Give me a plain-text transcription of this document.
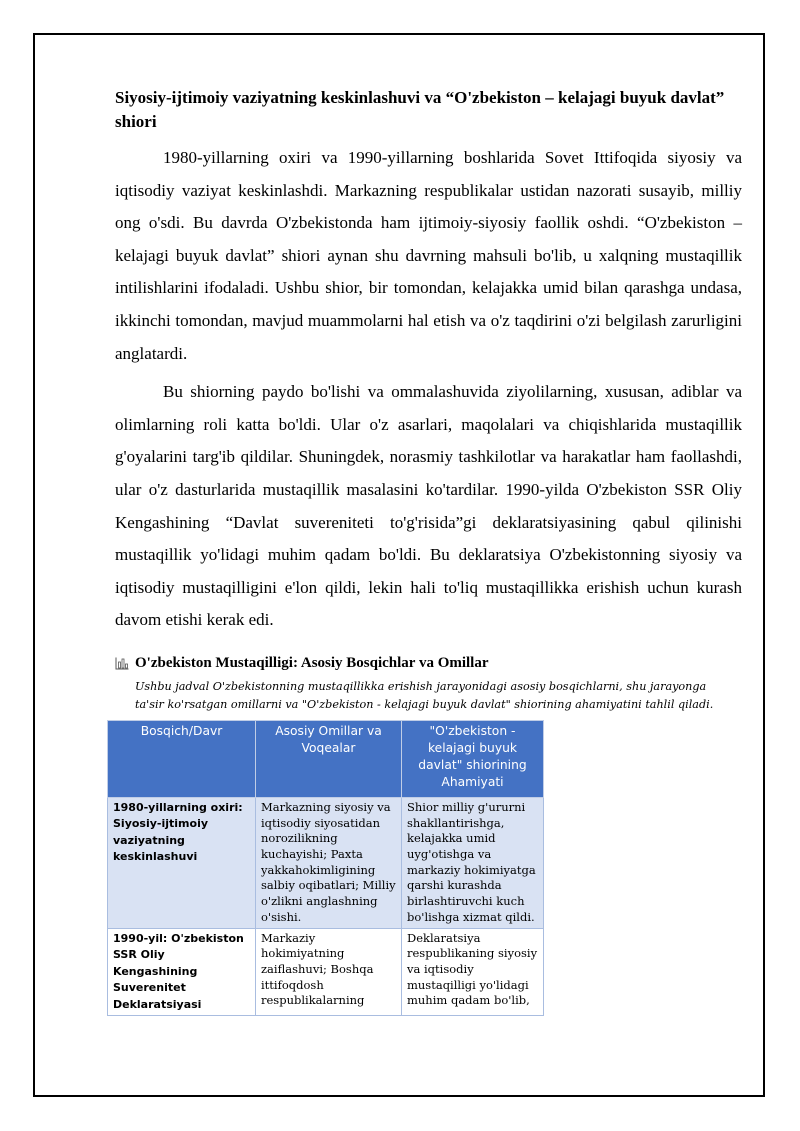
Siyosiy-ijtimoiy vaziyatning keskinlashuvi va “O'zbekiston – kelajagi buyuk davlat” shiori

1980-yillarning oxiri va 1990-yillarning boshlarida Sovet Ittifoqida siyosiy va iqtisodiy vaziyat keskinlashdi. Markazning respublikalar ustidan nazorati susayib, milliy ong o'sdi. Bu davrda O'zbekistonda ham ijtimoiy-siyosiy faollik oshdi. “O'zbekiston – kelajagi buyuk davlat” shiori aynan shu davrning mahsuli bo'lib, u xalqning mustaqillik intilishlarini ifodaladi. Ushbu shior, bir tomondan, kelajakka umid bilan qarashga undasa, ikkinchi tomondan, mavjud muammolarni hal etish va o'z taqdirini o'zi belgilash zarurligini anglatardi.

Bu shiorning paydo bo'lishi va ommalashuvida ziyolilarning, xususan, adiblar va olimlarning roli katta bo'ldi. Ular o'z asarlari, maqolalari va chiqishlarida mustaqillik g'oyalarini targ'ib qildilar. Shuningdek, norasmiy tashkilotlar va harakatlar ham faollashdi, ular o'z dasturlarida mustaqillik masalasini ko'tardilar. 1990-yilda O'zbekiston SSR Oliy Kengashining “Davlat suvereniteti to'g'risida”gi deklaratsiyasining qabul qilinishi mustaqillik yo'lidagi muhim qadam bo'ldi. Bu deklaratsiya O'zbekistonning siyosiy va iqtisodiy mustaqilligini e'lon qildi, lekin hali to'liq mustaqillikka erishish uchun kurash davom etishi kerak edi.

O'zbekiston Mustaqilligi: Asosiy Bosqichlar va Omillar
Ushbu jadval O'zbekistonning mustaqillikka erishish jarayonidagi asosiy bosqichlarni, shu jarayonga ta'sir ko'rsatgan omillarni va "O'zbekiston - kelajagi buyuk davlat" shiorining ahamiyatini tahlil qiladi.
Bosqich/Davr	Asosiy Omillar va Voqealar	"O'zbekiston - kelajagi buyuk davlat" shiorining Ahamiyati
1980-yillarning oxiri: Siyosiy-ijtimoiy vaziyatning keskinlashuvi	Markazning siyosiy va iqtisodiy siyosatidan norozilikning kuchayishi; Paxta yakkahokimligining salbiy oqibatlari; Milliy o'zlikni anglashning o'sishi.	Shior milliy g'ururni shakllantirishga, kelajakka umid uyg'otishga va markaziy hokimiyatga qarshi kurashda birlashtiruvchi kuch bo'lishga xizmat qildi.
1990-yil: O'zbekiston SSR Oliy Kengashining Suverenitet Deklaratsiyasi	Markaziy hokimiyatning zaiflashuvi; Boshqa ittifoqdosh respublikalarning	Deklaratsiya respublikaning siyosiy va iqtisodiy mustaqilligi yo'lidagi muhim qadam bo'lib,
